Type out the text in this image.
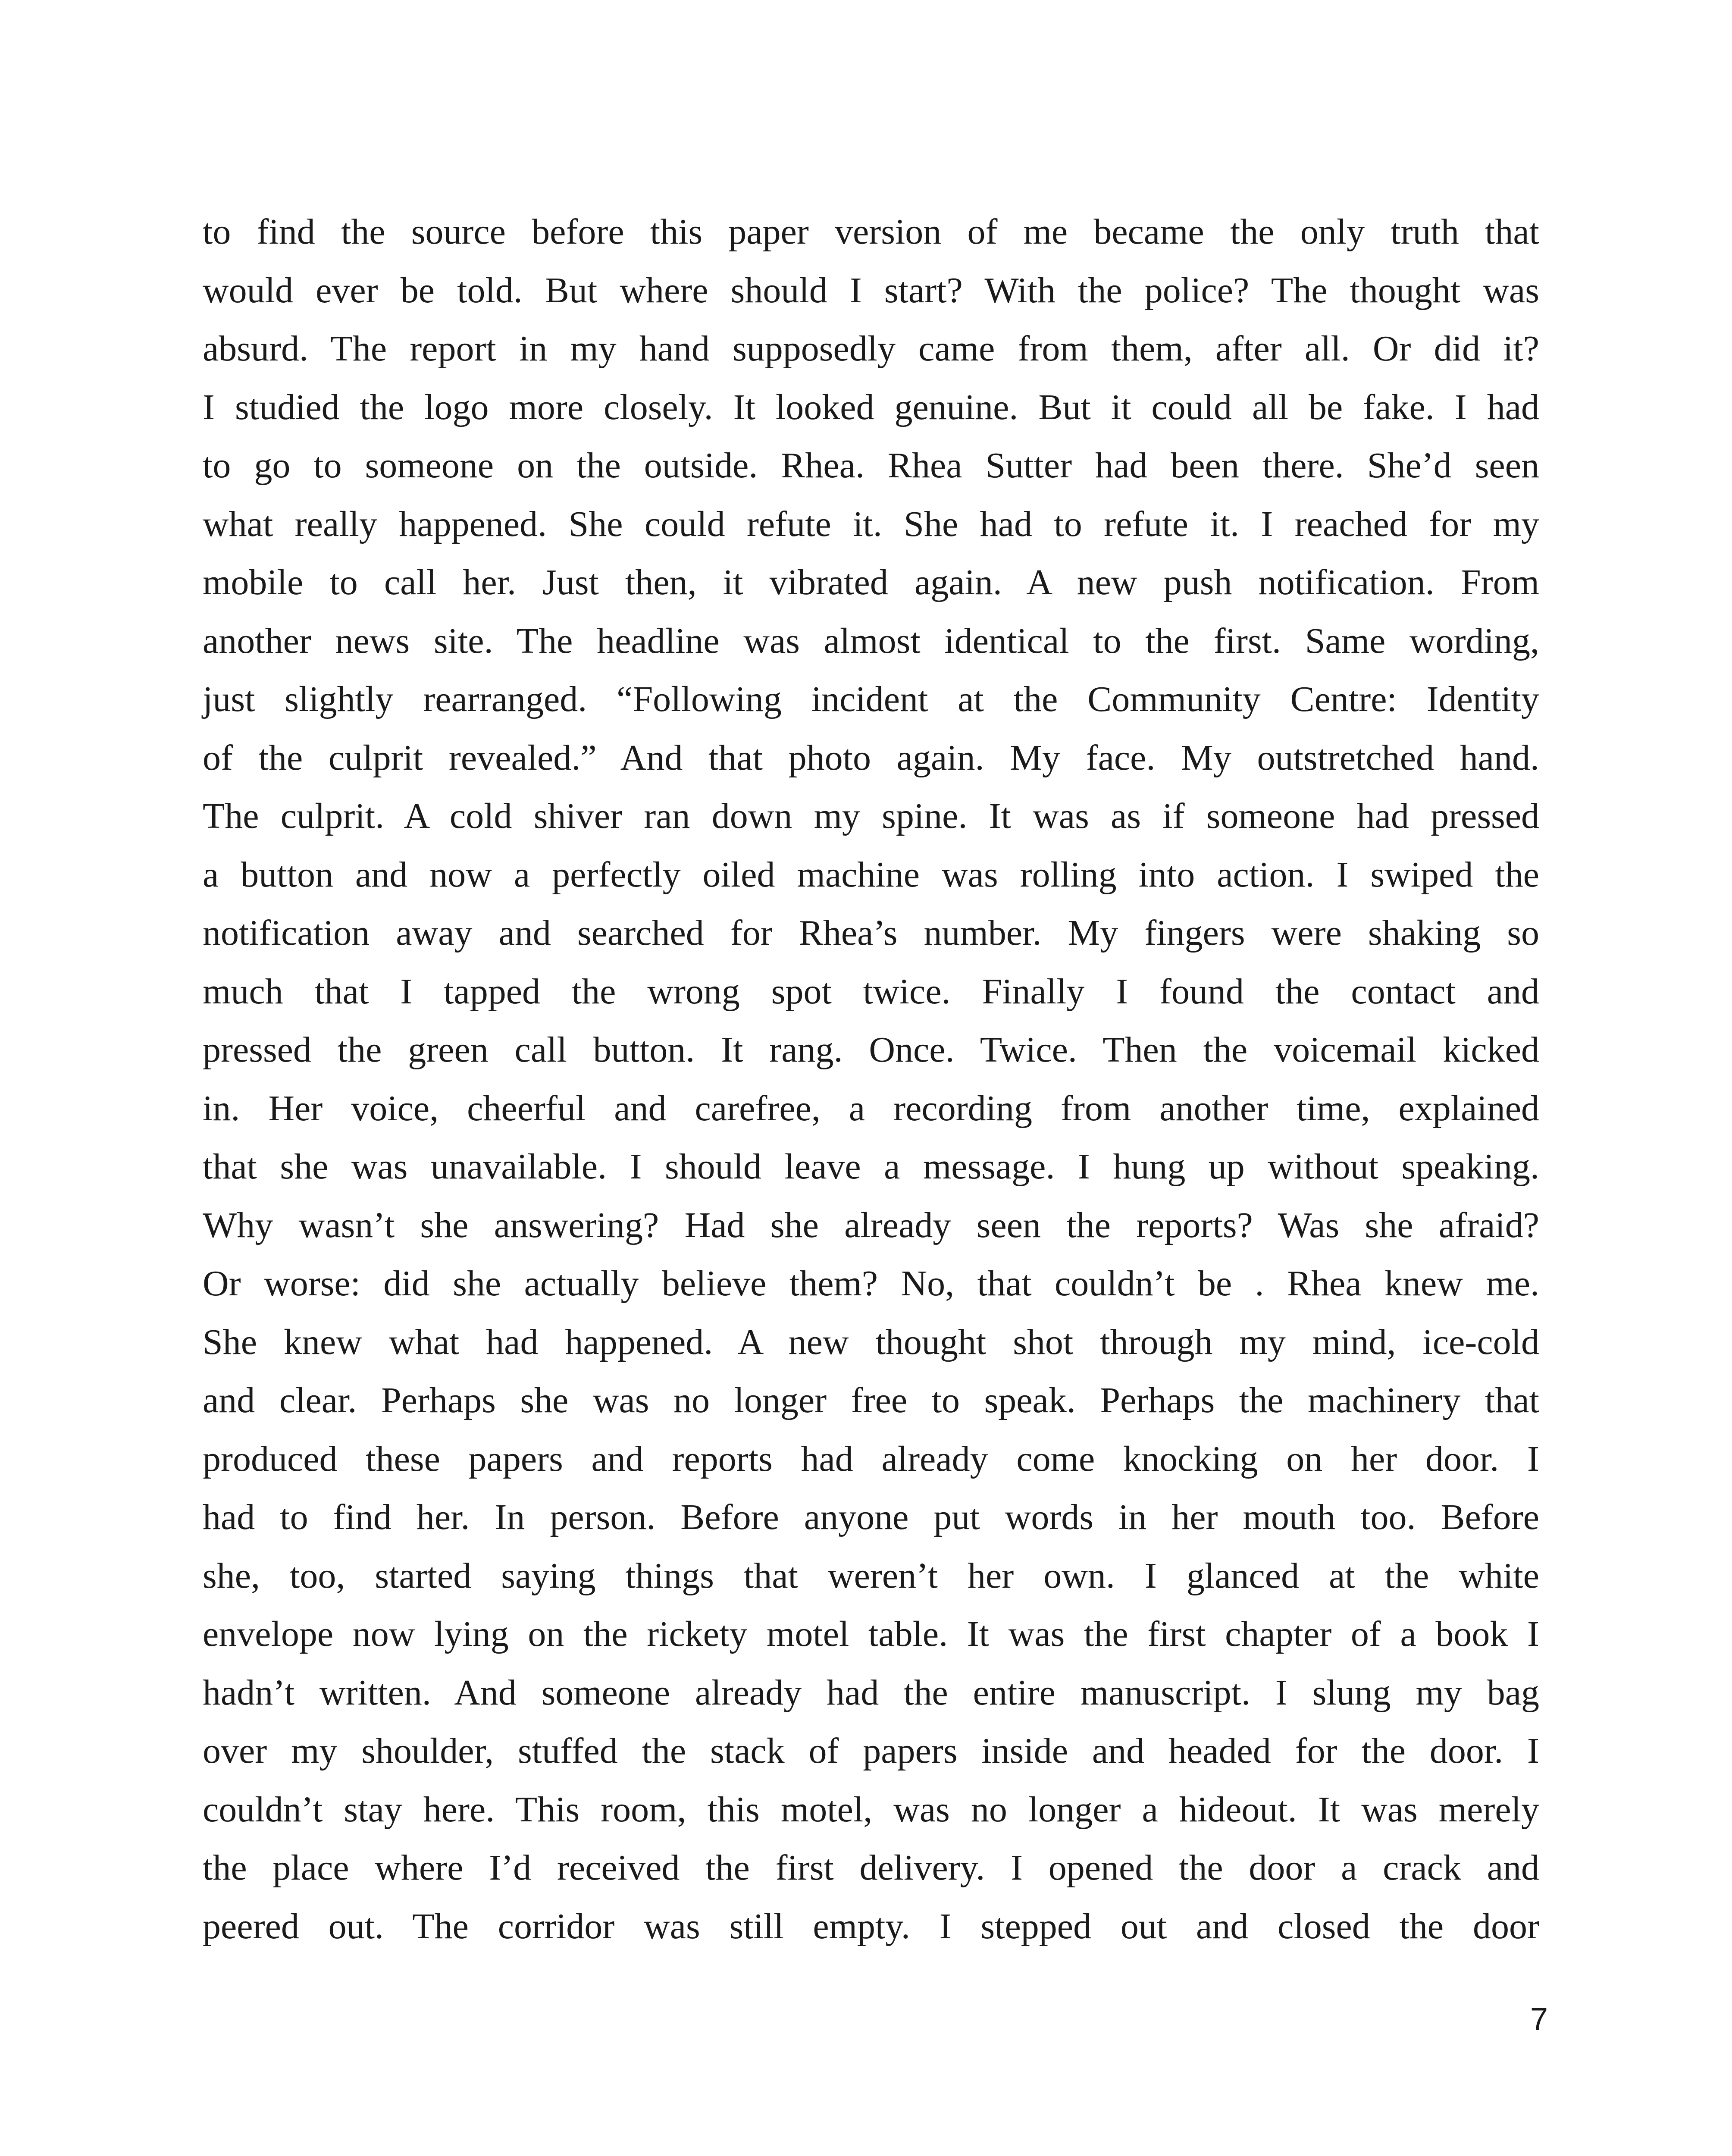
to find the source before this paper version of me became the only truth that
would ever be told. But where should I start? With the police? The thought was
absurd. The report in my hand supposedly came from them, after all. Or did it?
I studied the logo more closely. It looked genuine. But it could all be fake. I had
to go to someone on the outside. Rhea. Rhea Sutter had been there. She’d seen
what really happened. She could refute it. She had to refute it. I reached for my
mobile to call her. Just then, it vibrated again. A new push notification. From
another news site. The headline was almost identical to the first. Same wording,
just slightly rearranged. “Following incident at the Community Centre: Identity
of the culprit revealed.” And that photo again. My face. My outstretched hand.
The culprit. A cold shiver ran down my spine. It was as if someone had pressed
a button and now a perfectly oiled machine was rolling into action. I swiped the
notification away and searched for Rhea’s number. My fingers were shaking so
much that I tapped the wrong spot twice. Finally I found the contact and
pressed the green call button. It rang. Once. Twice. Then the voicemail kicked
in. Her voice, cheerful and carefree, a recording from another time, explained
that she was unavailable. I should leave a message. I hung up without speaking.
Why wasn’t she answering? Had she already seen the reports? Was she afraid?
Or worse: did she actually believe them? No, that couldn’t be . Rhea knew me.
She knew what had happened. A new thought shot through my mind, ice-cold
and clear. Perhaps she was no longer free to speak. Perhaps the machinery that
produced these papers and reports had already come knocking on her door. I
had to find her. In person. Before anyone put words in her mouth too. Before
she, too, started saying things that weren’t her own. I glanced at the white
envelope now lying on the rickety motel table. It was the first chapter of a book I
hadn’t written. And someone already had the entire manuscript. I slung my bag
over my shoulder, stuffed the stack of papers inside and headed for the door. I
couldn’t stay here. This room, this motel, was no longer a hideout. It was merely
the place where I’d received the first delivery. I opened the door a crack and
peered out. The corridor was still empty. I stepped out and closed the door
7
